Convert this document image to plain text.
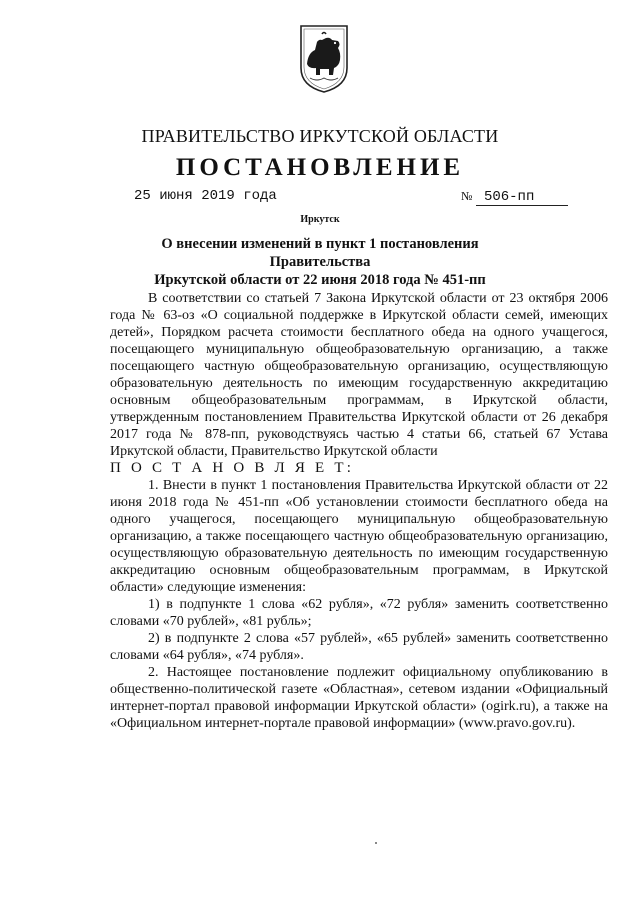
ПРАВИТЕЛЬСТВО ИРКУТСКОЙ ОБЛАСТИ
ПОСТАНОВЛЕНИЕ
25 июня 2019 года	№ 506-пп
Иркутск
О внесении изменений в пункт 1 постановления Правительства
Иркутской области от 22 июня 2018 года № 451-пп

В соответствии со статьей 7 Закона Иркутской области от 23 октября 2006 года № 63-оз «О социальной поддержке в Иркутской области семей, имеющих детей», Порядком расчета стоимости бесплатного обеда на одного учащегося, посещающего муниципальную общеобразовательную организацию, а также посещающего частную общеобразовательную организацию, осуществляющую образовательную деятельность по имеющим государственную аккредитацию основным общеобразовательным программам, в Иркутской области, утвержденным постановлением Правительства Иркутской области от 26 декабря 2017 года № 878-пп, руководствуясь частью 4 статьи 66, статьей 67 Устава Иркутской области, Правительство Иркутской области

П О С Т А Н О В Л Я Е Т:

1. Внести в пункт 1 постановления Правительства Иркутской области от 22 июня 2018 года № 451-пп «Об установлении стоимости бесплатного обеда на одного учащегося, посещающего муниципальную общеобразовательную организацию, а также посещающего частную общеобразовательную организацию, осуществляющую образовательную деятельность по имеющим государственную аккредитацию основным общеобразовательным программам, в Иркутской области» следующие изменения:

1) в подпункте 1 слова «62 рубля», «72 рубля» заменить соответственно словами «70 рублей», «81 рубль»;

2) в подпункте 2 слова «57 рублей», «65 рублей» заменить соответственно словами «64 рубля», «74 рубля».

2. Настоящее постановление подлежит официальному опубликованию в общественно-политической газете «Областная», сетевом издании «Официальный интернет-портал правовой информации Иркутской области» (ogirk.ru), а также на «Официальном интернет-портале правовой информации» (www.pravo.gov.ru).
